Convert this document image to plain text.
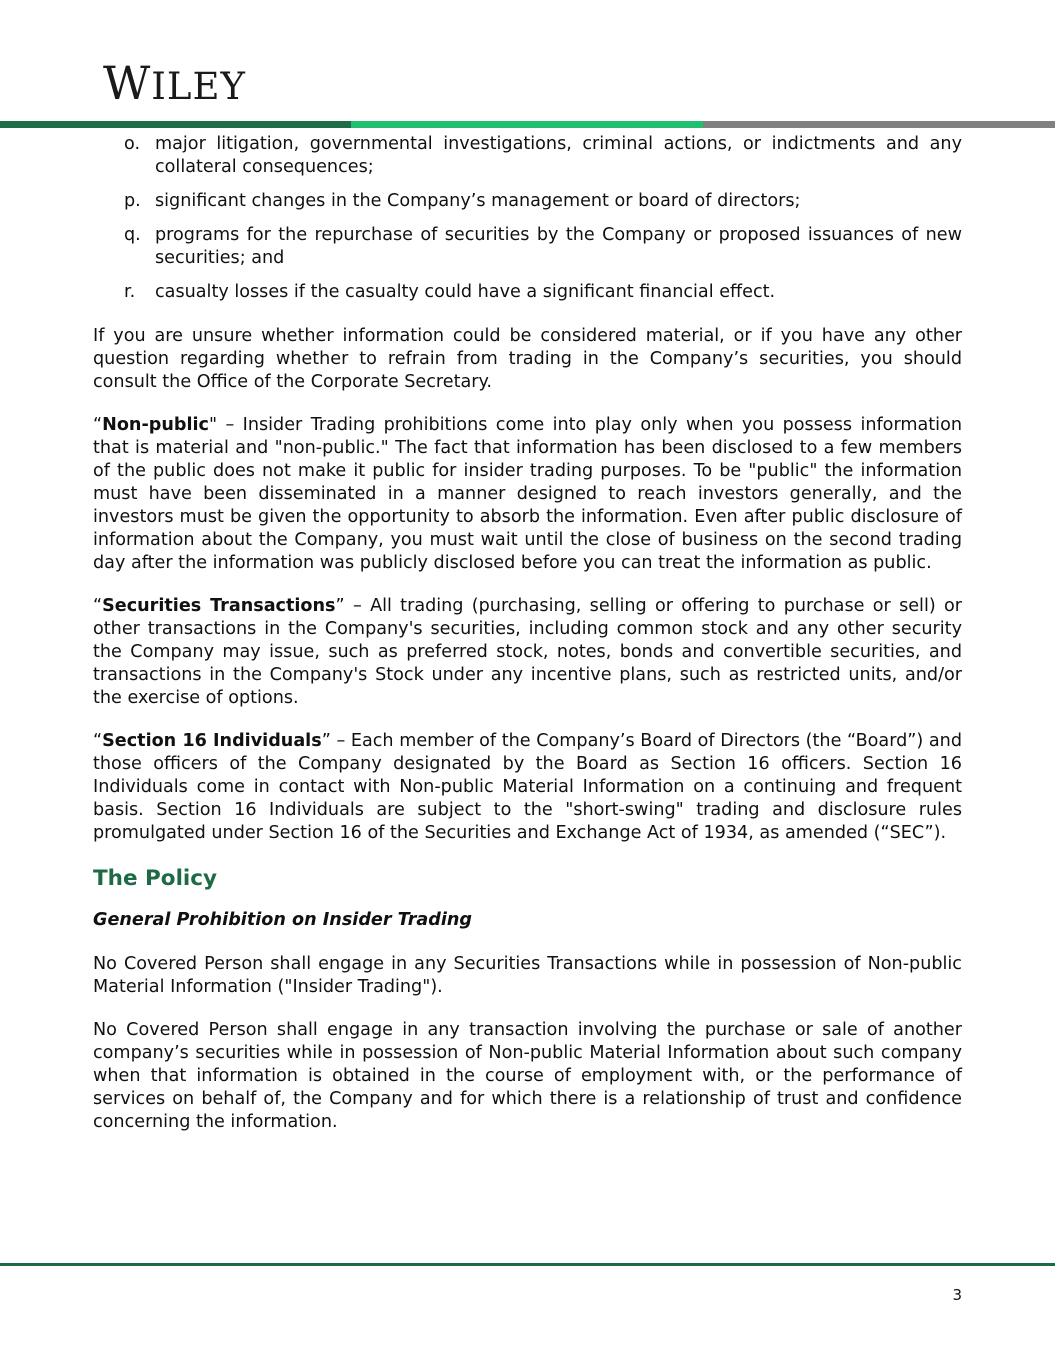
WILEY
o. major litigation, governmental investigations, criminal actions, or indictments and any collateral consequences;
p. significant changes in the Company’s management or board of directors;
q. programs for the repurchase of securities by the Company or proposed issuances of new securities; and
r. casualty losses if the casualty could have a significant financial effect.

If you are unsure whether information could be considered material, or if you have any other question regarding whether to refrain from trading in the Company’s securities, you should consult the Office of the Corporate Secretary.

“Non-public" – Insider Trading prohibitions come into play only when you possess information that is material and "non-public." The fact that information has been disclosed to a few members of the public does not make it public for insider trading purposes. To be "public" the information must have been disseminated in a manner designed to reach investors generally, and the investors must be given the opportunity to absorb the information. Even after public disclosure of information about the Company, you must wait until the close of business on the second trading day after the information was publicly disclosed before you can treat the information as public.

“Securities Transactions” – All trading (purchasing, selling or offering to purchase or sell) or other transactions in the Company's securities, including common stock and any other security the Company may issue, such as preferred stock, notes, bonds and convertible securities, and transactions in the Company's Stock under any incentive plans, such as restricted units, and/or the exercise of options.

“Section 16 Individuals” – Each member of the Company’s Board of Directors (the “Board”) and those officers of the Company designated by the Board as Section 16 officers. Section 16 Individuals come in contact with Non-public Material Information on a continuing and frequent basis. Section 16 Individuals are subject to the "short-swing" trading and disclosure rules promulgated under Section 16 of the Securities and Exchange Act of 1934, as amended (“SEC”).

The Policy
General Prohibition on Insider Trading

No Covered Person shall engage in any Securities Transactions while in possession of Non-public Material Information ("Insider Trading").

No Covered Person shall engage in any transaction involving the purchase or sale of another company’s securities while in possession of Non-public Material Information about such company when that information is obtained in the course of employment with, or the performance of services on behalf of, the Company and for which there is a relationship of trust and confidence concerning the information.

3
